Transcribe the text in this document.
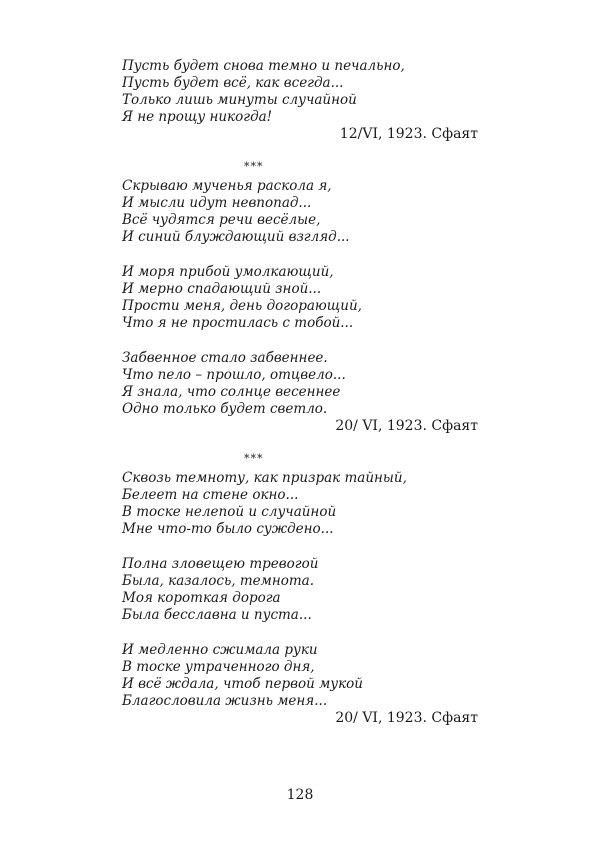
Пусть будет снова темно и печально,
Пусть будет всё, как всегда...
Только лишь минуты случайной
Я не прощу никогда!
12/VI, 1923. Сфаят
***
Скрываю мученья раскола я,
И мысли идут невпопад...
Всё чудятся речи весёлые,
И синий блуждающий взгляд...
И моря прибой умолкающий,
И мерно спадающий зной...
Прости меня, день догорающий,
Что я не простилась с тобой...
Забвенное стало забвеннее.
Что пело – прошло, отцвело...
Я знала, что солнце весеннее
Одно только будет светло.
20/ VI, 1923. Сфаят
***
Сквозь темноту, как призрак тайный,
Белеет на стене окно...
В тоске нелепой и случайной
Мне что-то было суждено...
Полна зловещею тревогой
Была, казалось, темнота.
Моя короткая дорога
Была бесславна и пуста...
И медленно сжимала руки
В тоске утраченного дня,
И всё ждала, чтоб первой мукой
Благословила жизнь меня...
20/ VI, 1923. Сфаят
128
